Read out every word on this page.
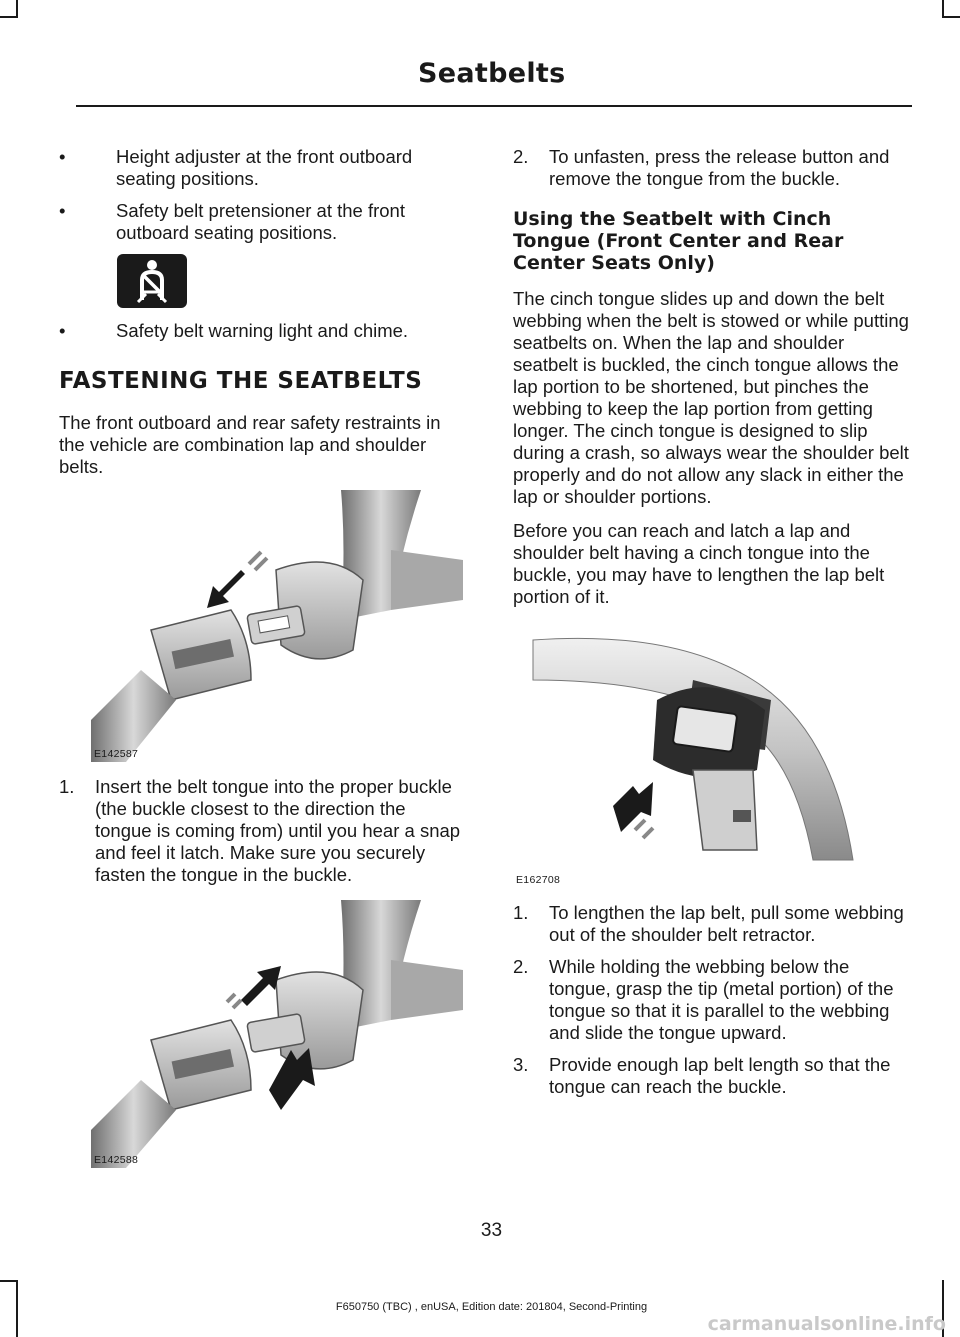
Seatbelts
•	Height adjuster at the front outboard seating positions.
•	Safety belt pretensioner at the front outboard seating positions.
•	Safety belt warning light and chime.
FASTENING THE SEATBELTS
The front outboard and rear safety restraints in the vehicle are combination lap and shoulder belts.
E142587
1. Insert the belt tongue into the proper buckle (the buckle closest to the direction the tongue is coming from) until you hear a snap and feel it latch. Make sure you securely fasten the tongue in the buckle.
E142588
2. To unfasten, press the release button and remove the tongue from the buckle.
Using the Seatbelt with Cinch Tongue (Front Center and Rear Center Seats Only)
The cinch tongue slides up and down the belt webbing when the belt is stowed or while putting seatbelts on. When the lap and shoulder seatbelt is buckled, the cinch tongue allows the lap portion to be shortened, but pinches the webbing to keep the lap portion from getting longer. The cinch tongue is designed to slip during a crash, so always wear the shoulder belt properly and do not allow any slack in either the lap or shoulder portions.
Before you can reach and latch a lap and shoulder belt having a cinch tongue into the buckle, you may have to lengthen the lap belt portion of it.
E162708
1. To lengthen the lap belt, pull some webbing out of the shoulder belt retractor.
2. While holding the webbing below the tongue, grasp the tip (metal portion) of the tongue so that it is parallel to the webbing and slide the tongue upward.
3. Provide enough lap belt length so that the tongue can reach the buckle.
33
F650750 (TBC) , enUSA, Edition date: 201804, Second-Printing
carmanualsonline.info
